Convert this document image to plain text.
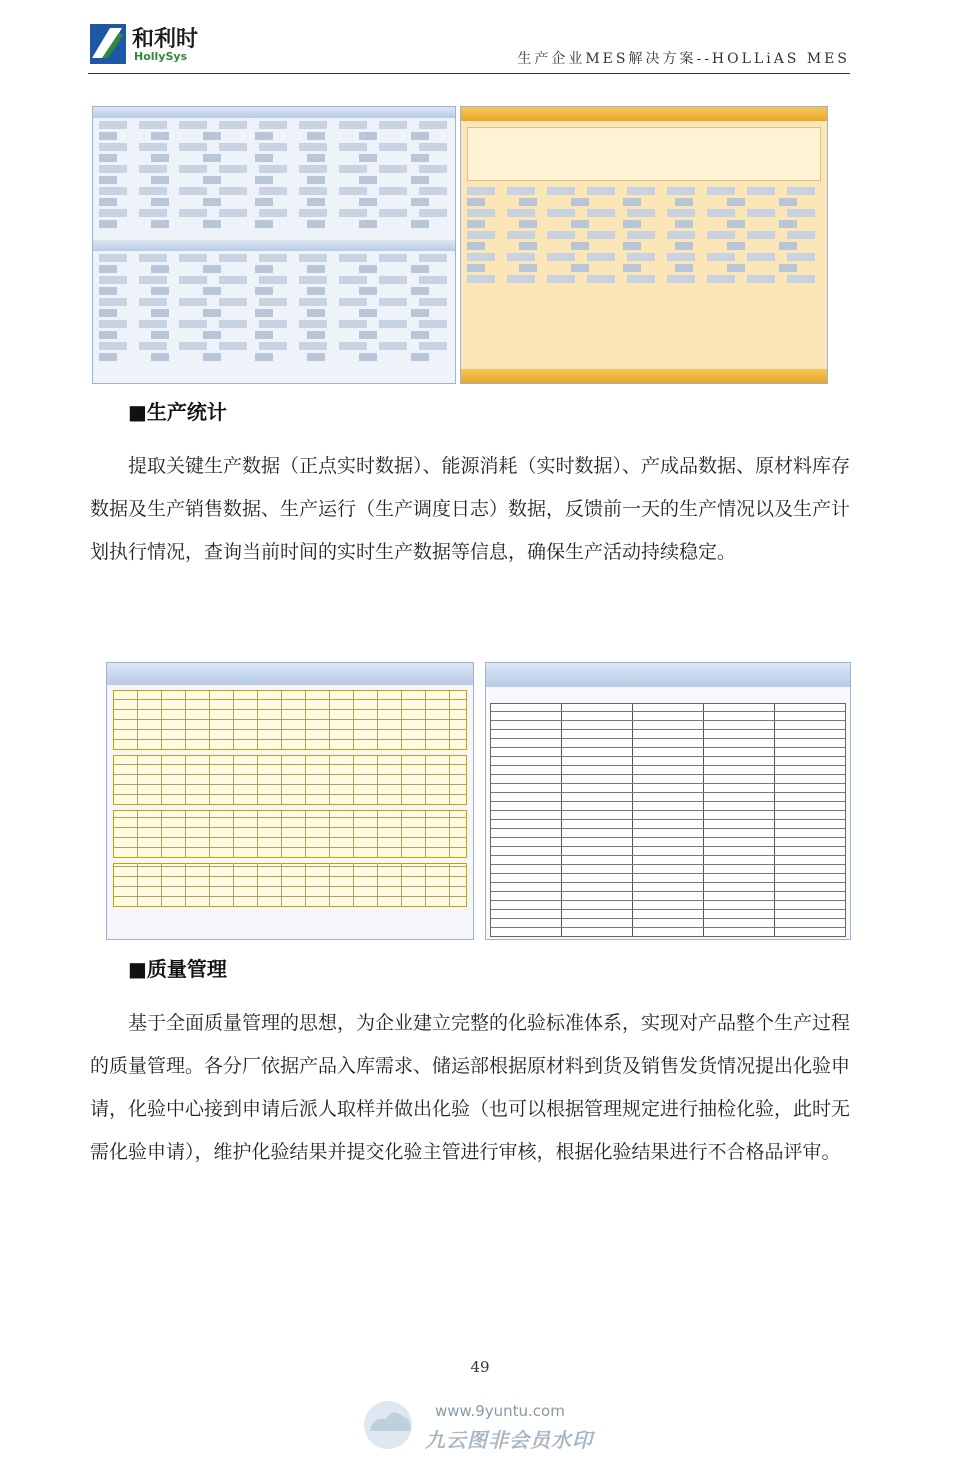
和利时
HollySys	生产企业MES解决方案--HOLLiAS MES
■生产统计

提取关键生产数据（正点实时数据）、能源消耗（实时数据）、产成品数据、原材料库存数据及生产销售数据、生产运行（生产调度日志）数据，反馈前一天的生产情况以及生产计划执行情况，查询当前时间的实时生产数据等信息，确保生产活动持续稳定。

■质量管理

基于全面质量管理的思想，为企业建立完整的化验标准体系，实现对产品整个生产过程的质量管理。各分厂依据产品入库需求、储运部根据原材料到货及销售发货情况提出化验申请，化验中心接到申请后派人取样并做出化验（也可以根据管理规定进行抽检化验，此时无需化验申请），维护化验结果并提交化验主管进行审核，根据化验结果进行不合格品评审。

49
www.9yuntu.com
九云图非会员水印
